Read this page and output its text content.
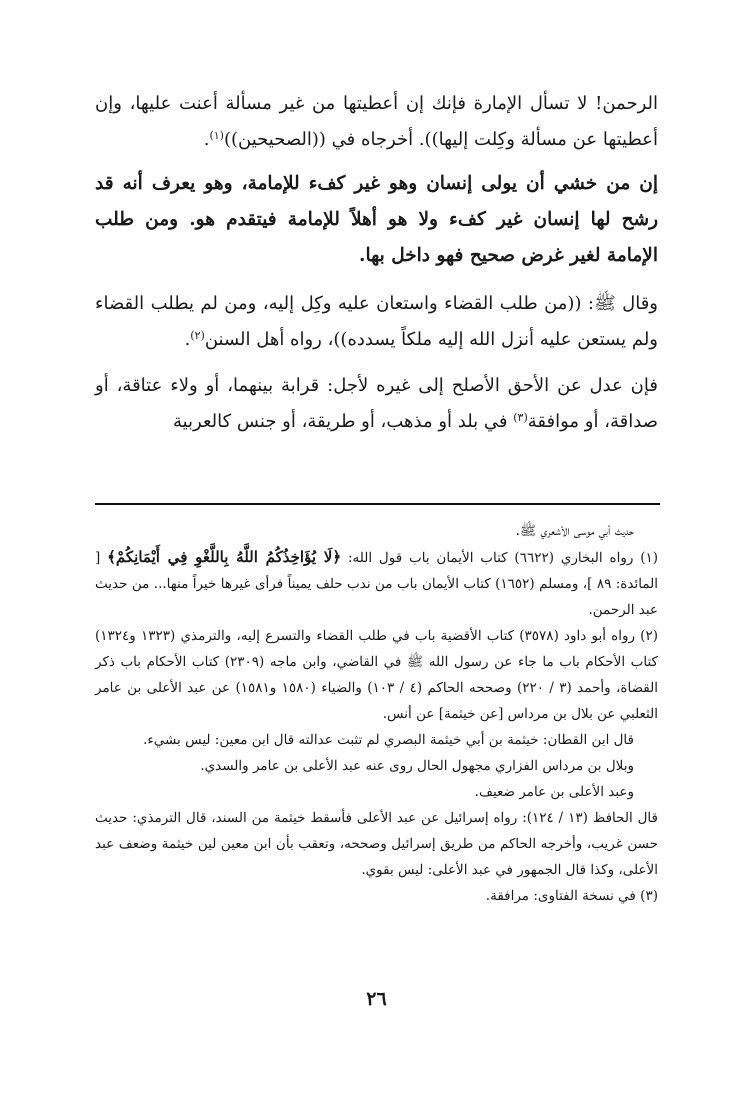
الرحمن! لا تسأل الإمارة فإنك إن أعطيتها من غير مسألة أعنت عليها، وإن أعطيتها عن مسألة وكِلت إليها)). أخرجاه في ((الصحيحين))$^{(١)}$.

إن من خشي أن يولى إنسان وهو غير كفء للإمامة، وهو يعرف أنه قد رشح لها إنسان غير كفء ولا هو أهلاً للإمامة فيتقدم هو. ومن طلب الإمامة لغير غرض صحيح فهو داخل بها.

وقال ﷺ: ((من طلب القضاء واستعان عليه وكِل إليه، ومن لم يطلب القضاء ولم يستعن عليه أنزل الله إليه ملكاً يسدده))، رواه أهل السنن$^{(٢)}$.

فإن عدل عن الأحق الأصلح إلى غيره لأجل: قرابة بينهما، أو ولاء عتاقة، أو صداقة، أو موافقة$^{(٣)}$ في بلد أو مذهب، أو طريقة، أو جنس كالعربية

حديث أبي موسى الأشعري ﷺ.

(١) رواه البخاري (٦٦٢٢) كتاب الأيمان باب قول الله: ﴿لَا يُؤَاخِذُكُمُ اللَّهُ بِاللَّغْوِ فِي أَيْمَانِكُمْ﴾ [ المائدة: ٨٩ ]، ومسلم (١٦٥٢) كتاب الأيمان باب من ندب حلف يميناً فرأى غيرها خيراً منها... من حديث عبد الرحمن.

(٢) رواه أبو داود (٣٥٧٨) كتاب الأقضية باب في طلب القضاء والتسرع إليه، والترمذي (١٣٢٣ و١٣٢٤) كتاب الأحكام باب ما جاء عن رسول الله ﷺ في القاضي، وابن ماجه (٢٣٠٩) كتاب الأحكام باب ذكر القضاة، وأحمد (٣ / ٢٢٠) وصححه الحاكم (٤ / ١٠٣) والضياء (١٥٨٠ و١٥٨١) عن عبد الأعلى بن عامر الثعلبي عن بلال بن مرداس [عن خيثمة] عن أنس.

قال ابن القطان: خيثمة بن أبي خيثمة البصري لم تثبت عدالته قال ابن معين: ليس بشيء.

وبلال بن مرداس الفزاري مجهول الحال روى عنه عبد الأعلى بن عامر والسدي.

وعبد الأعلى بن عامر ضعيف.

قال الحافظ (١٣ / ١٢٤): رواه إسرائيل عن عبد الأعلى فأسقط خيثمة من السند، قال الترمذي: حديث حسن غريب، وأخرجه الحاكم من طريق إسرائيل وصححه، وتعقب بأن ابن معين لين خيثمة وضعف عبد الأعلى، وكذا قال الجمهور في عبد الأعلى: ليس بقوي.

(٣) في نسخة الفتاوى: مرافقة.

٢٦
